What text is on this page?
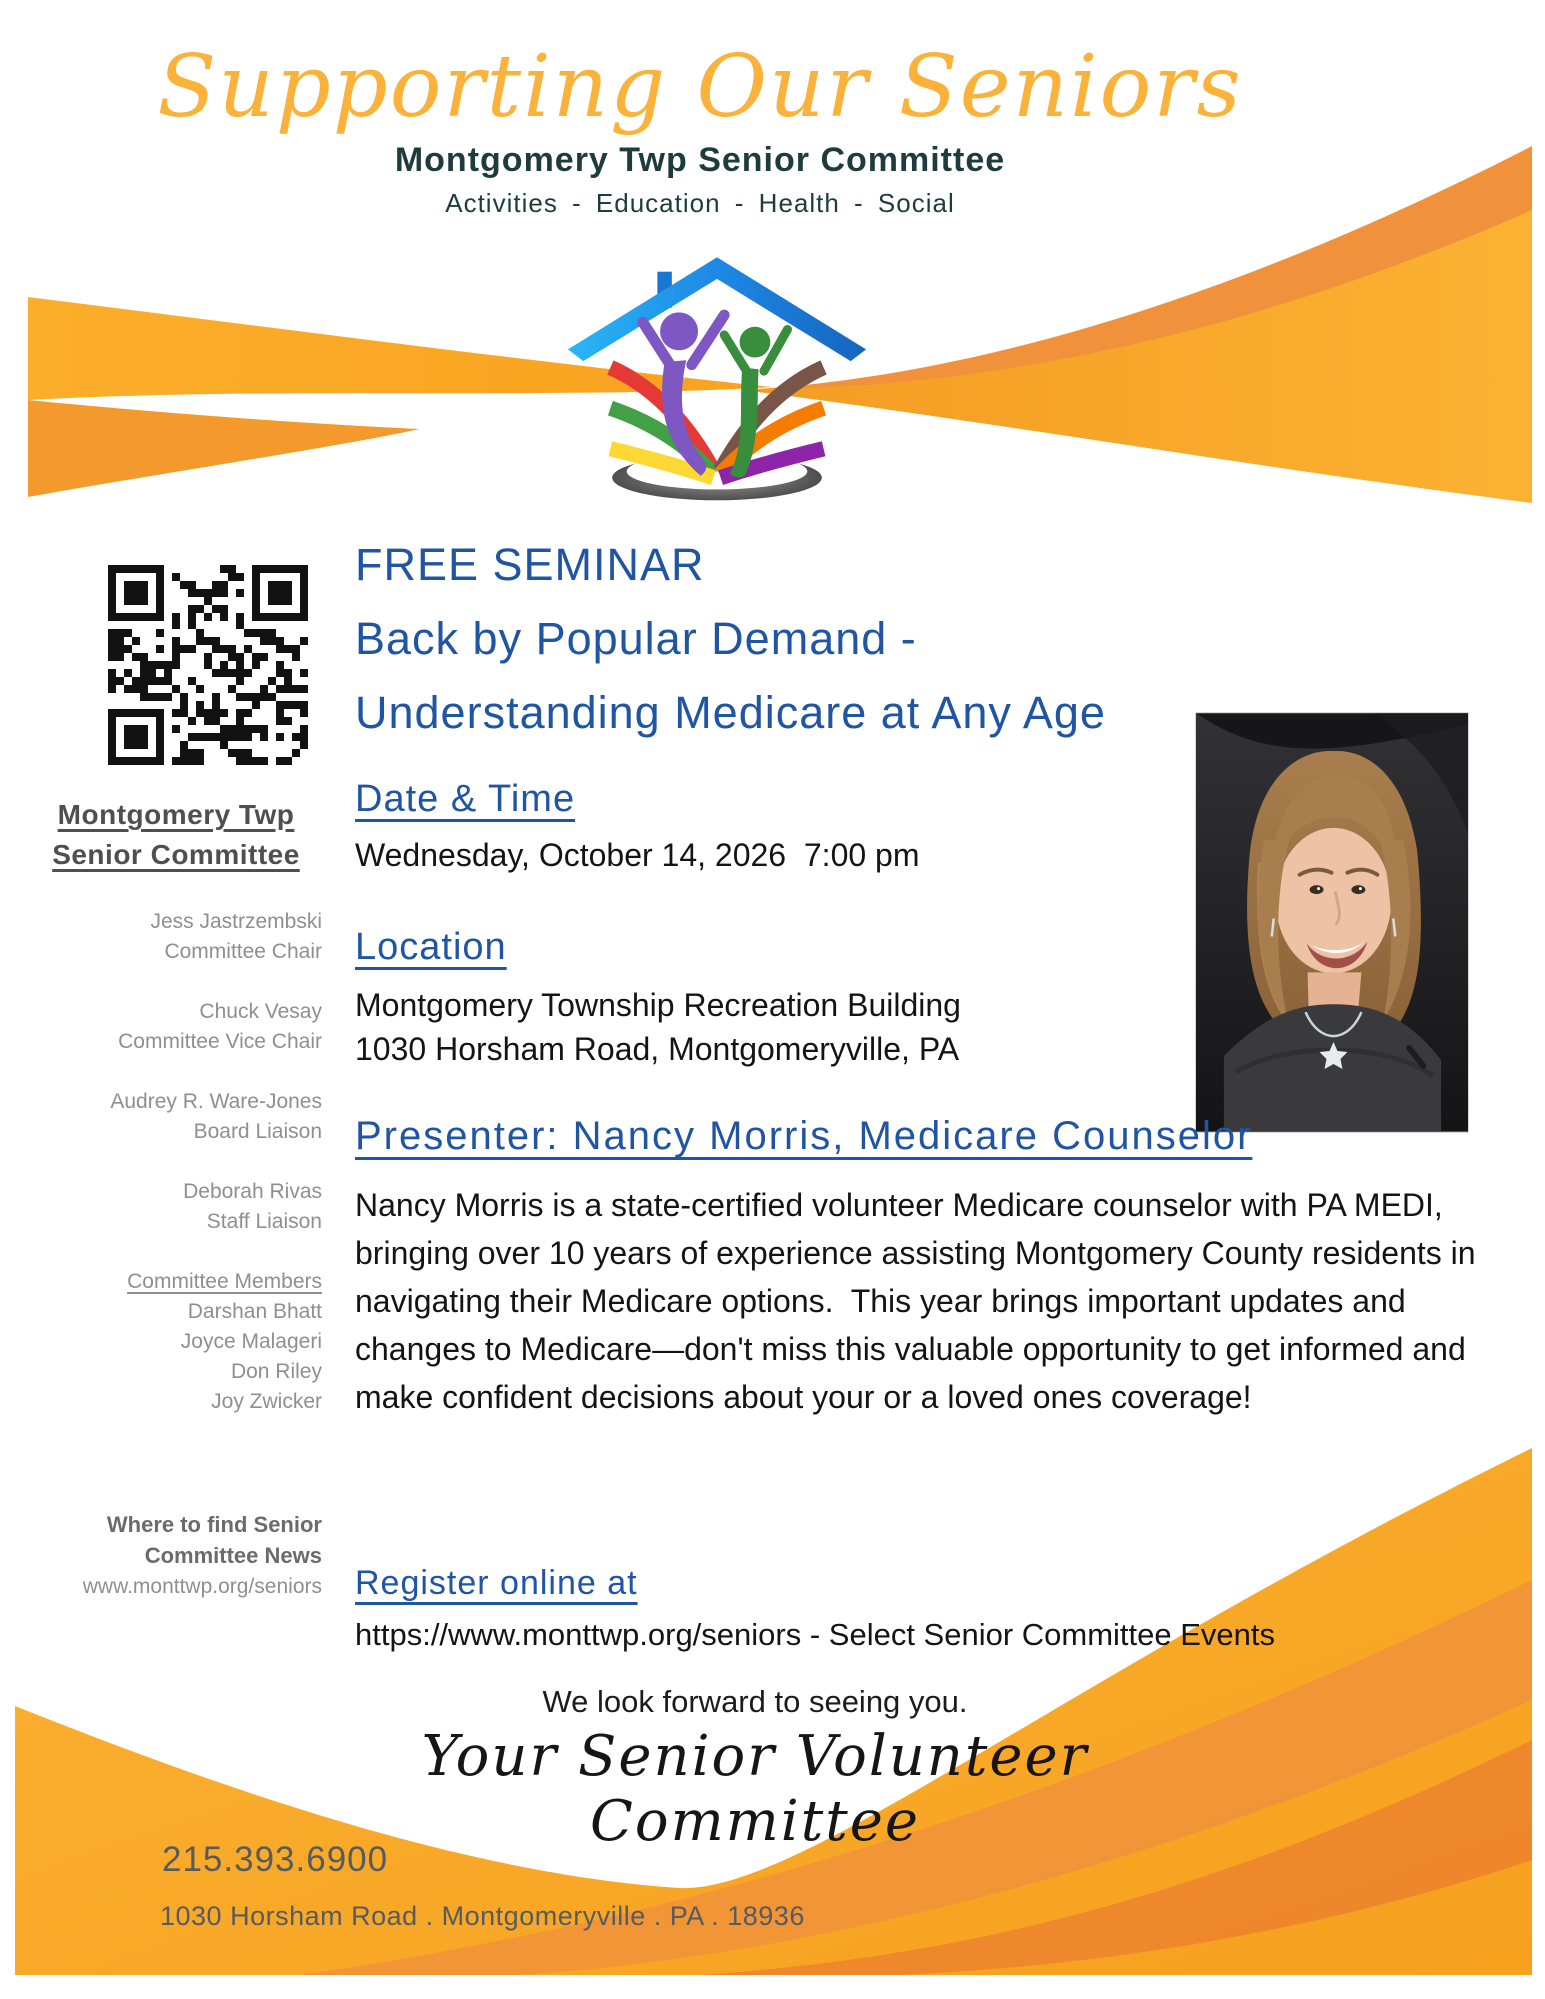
Supporting Our Seniors
Montgomery Twp Senior Committee
Activities - Education - Health - Social
Montgomery Twp
Senior Committee
Jess Jastrzembski
Committee Chair
Chuck Vesay
Committee Vice Chair
Audrey R. Ware-Jones
Board Liaison
Deborah Rivas
Staff Liaison
Committee Members
Darshan Bhatt
Joyce Malageri
Don Riley
Joy Zwicker
Where to find Senior
Committee News
www.monttwp.org/seniors
FREE SEMINAR
Back by Popular Demand -
Understanding Medicare at Any Age
Date & Time
Wednesday, October 14, 2026  7:00 pm
Location
Montgomery Township Recreation Building
1030 Horsham Road, Montgomeryville, PA
Presenter: Nancy Morris, Medicare Counselor
Nancy Morris is a state-certified volunteer Medicare counselor with PA MEDI, bringing over 10 years of experience assisting Montgomery County residents in navigating their Medicare options.  This year brings important updates and changes to Medicare—don't miss this valuable opportunity to get informed and make confident decisions about your or a loved ones coverage!
Register online at
https://www.monttwp.org/seniors - Select Senior Committee Events
We look forward to seeing you.
Your Senior Volunteer Committee
215.393.6900
1030 Horsham Road . Montgomeryville . PA . 18936
